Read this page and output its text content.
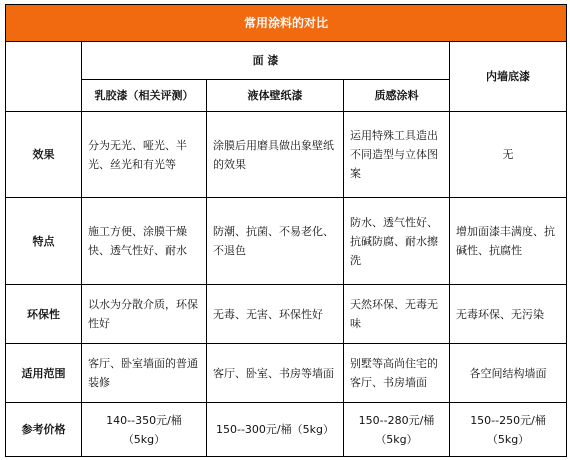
常用涂料的对比				
	面 漆			内墙底漆
	乳胶漆（相关评测）	液体壁纸漆	质感涂料	
效果	分为无光、哑光、半光、丝光和有光等	涂膜后用磨具做出象壁纸的效果	运用特殊工具造出不同造型与立体图案	无
特点	施工方便、涂膜干燥快、透气性好、耐水	防潮、抗菌、不易老化、不退色	防水、透气性好、抗碱防腐、耐水擦洗	增加面漆丰满度、抗碱性、抗腐性
环保性	以水为分散介质，环保性好	无毒、无害、环保性好	天然环保、无毒无味	无毒环保、无污染
适用范围	客厅、卧室墙面的普通装修	客厅、卧室、书房等墙面	别墅等高尚住宅的客厅、书房墙面	各空间结构墙面
参考价格	140--350元/桶（5kg）	150--300元/桶（5kg）	150--280元/桶（5kg）	150--250元/桶（5kg）
